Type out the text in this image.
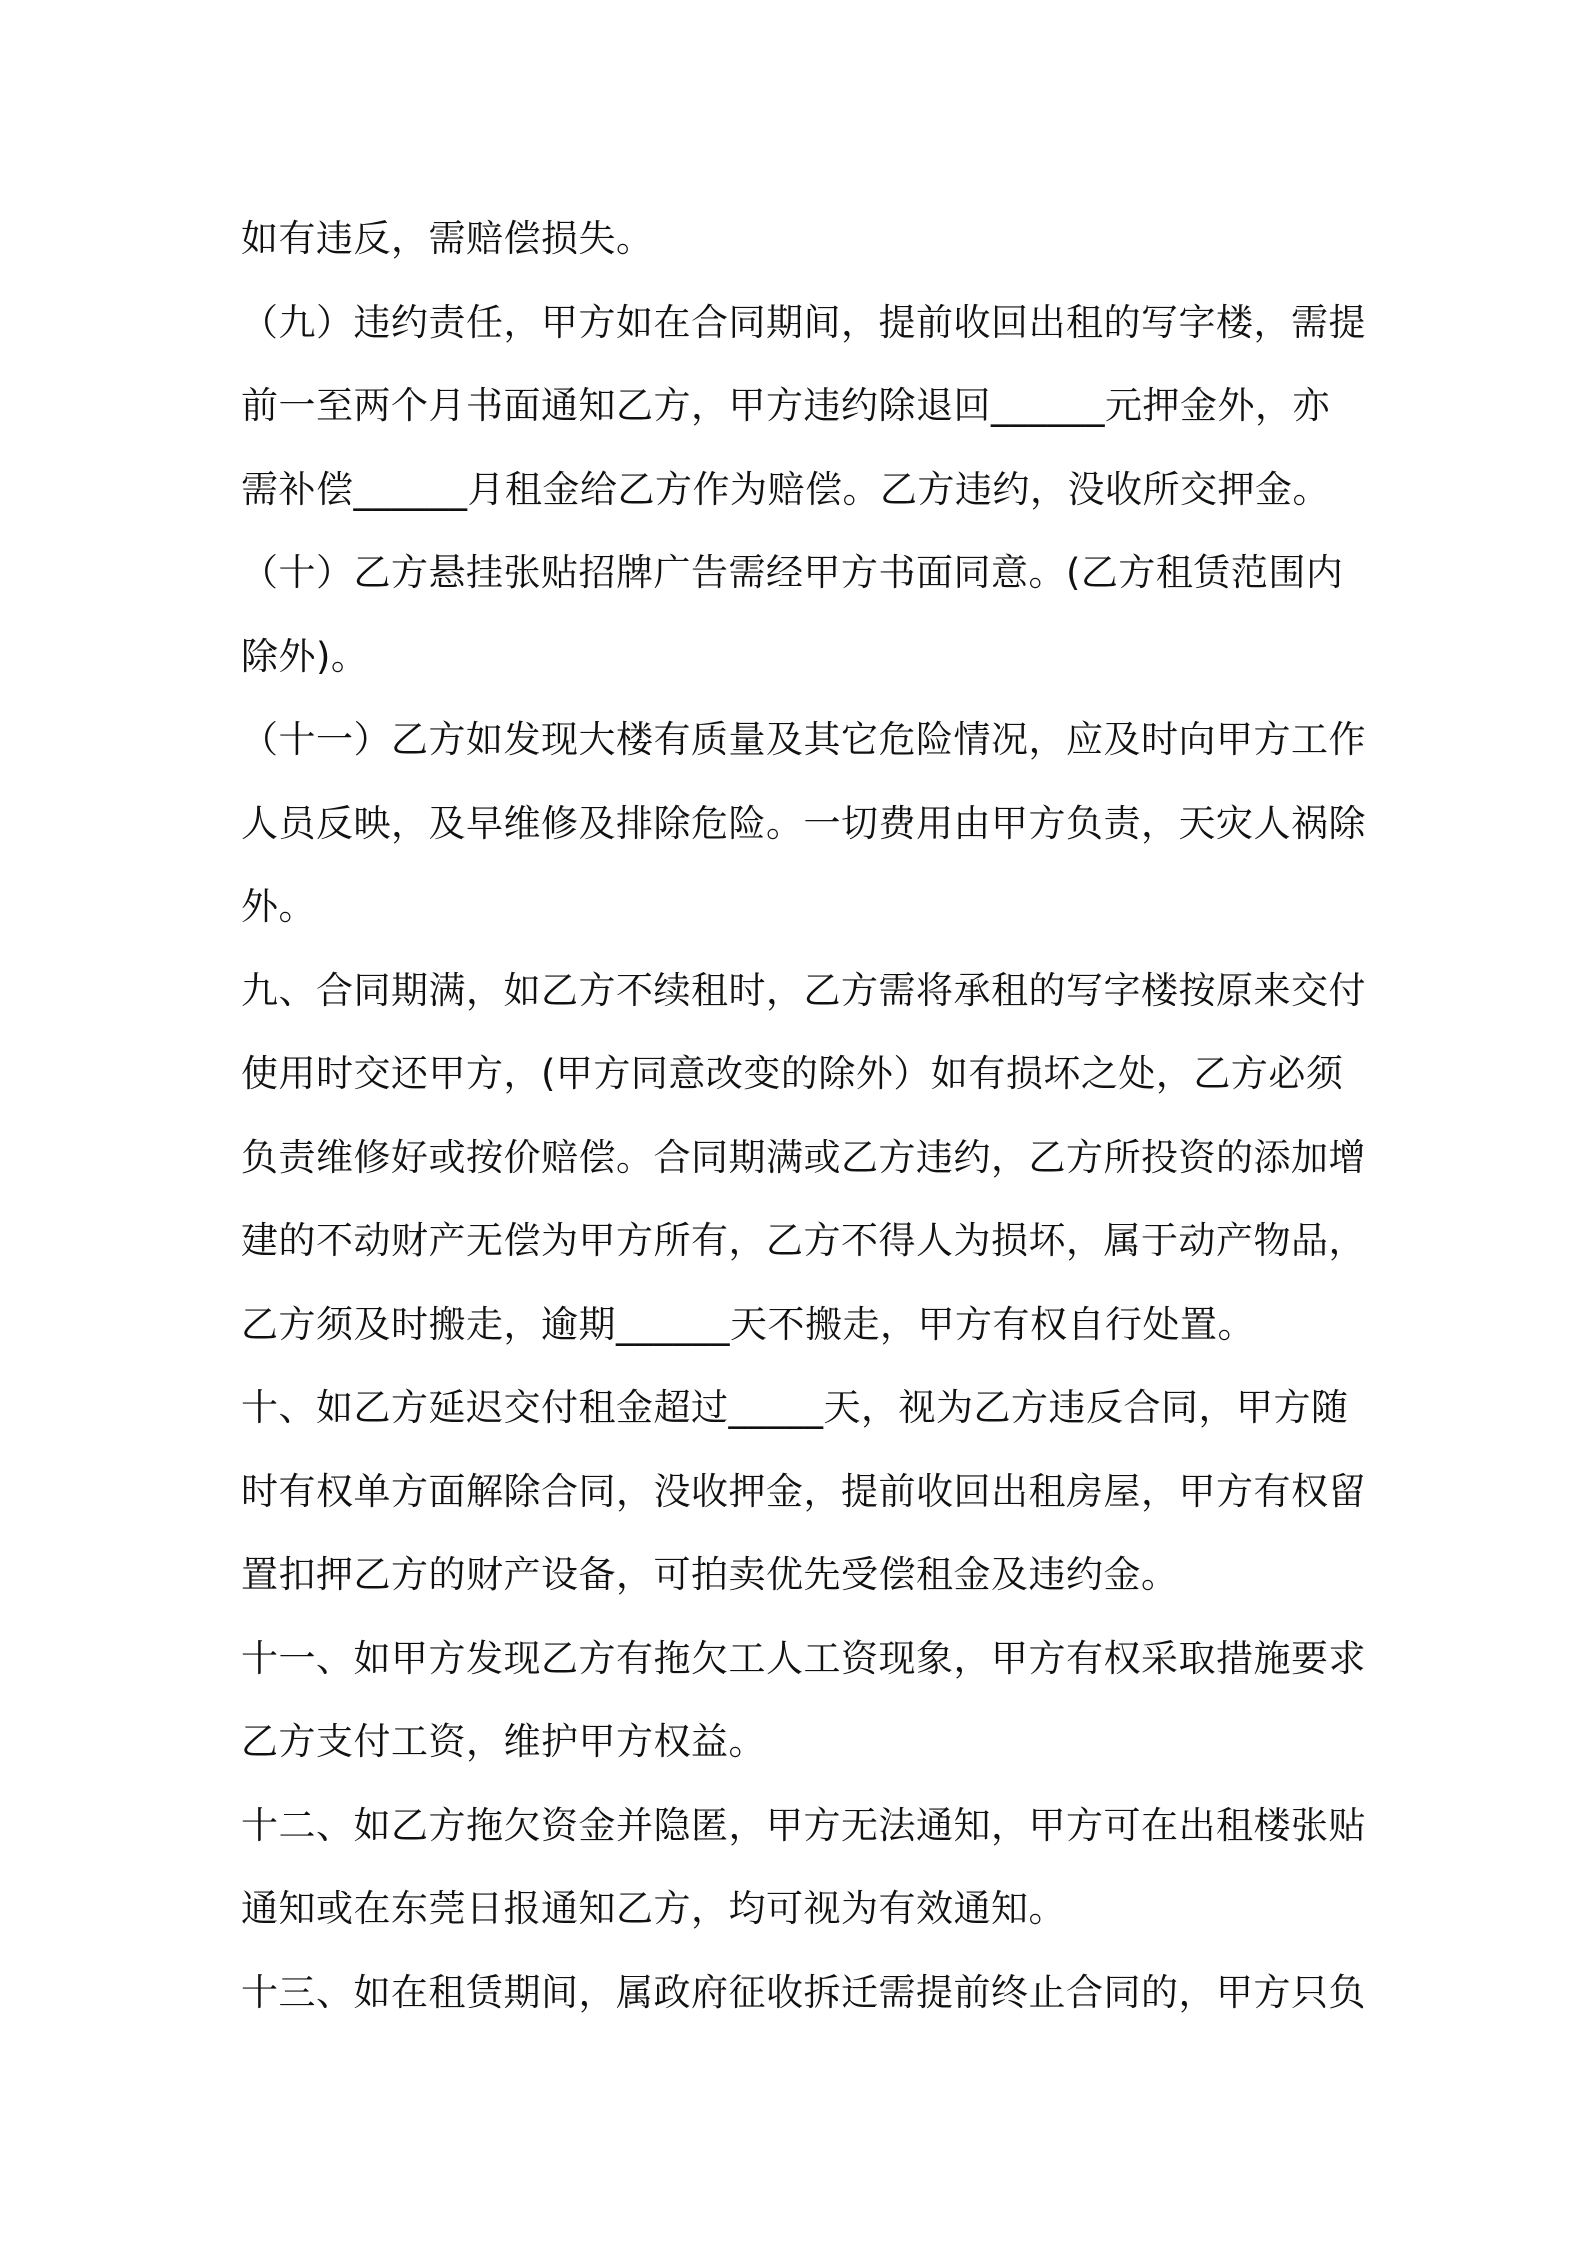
如有违反，需赔偿损失。
（九）违约责任，甲方如在合同期间，提前收回出租的写字楼，需提
前一至两个月书面通知乙方，甲方违约除退回______元押金外，亦
需补偿______月租金给乙方作为赔偿。乙方违约，没收所交押金。
（十）乙方悬挂张贴招牌广告需经甲方书面同意。(乙方租赁范围内
除外)。
（十一）乙方如发现大楼有质量及其它危险情况，应及时向甲方工作
人员反映，及早维修及排除危险。一切费用由甲方负责，天灾人祸除
外。
九、合同期满，如乙方不续租时，乙方需将承租的写字楼按原来交付
使用时交还甲方，(甲方同意改变的除外）如有损坏之处，乙方必须
负责维修好或按价赔偿。合同期满或乙方违约，乙方所投资的添加增
建的不动财产无偿为甲方所有，乙方不得人为损坏，属于动产物品，
乙方须及时搬走，逾期______天不搬走，甲方有权自行处置。
十、如乙方延迟交付租金超过_____天，视为乙方违反合同，甲方随
时有权单方面解除合同，没收押金，提前收回出租房屋，甲方有权留
置扣押乙方的财产设备，可拍卖优先受偿租金及违约金。
十一、如甲方发现乙方有拖欠工人工资现象，甲方有权采取措施要求
乙方支付工资，维护甲方权益。
十二、如乙方拖欠资金并隐匿，甲方无法通知，甲方可在出租楼张贴
通知或在东莞日报通知乙方，均可视为有效通知。
十三、如在租赁期间，属政府征收拆迁需提前终止合同的，甲方只负
